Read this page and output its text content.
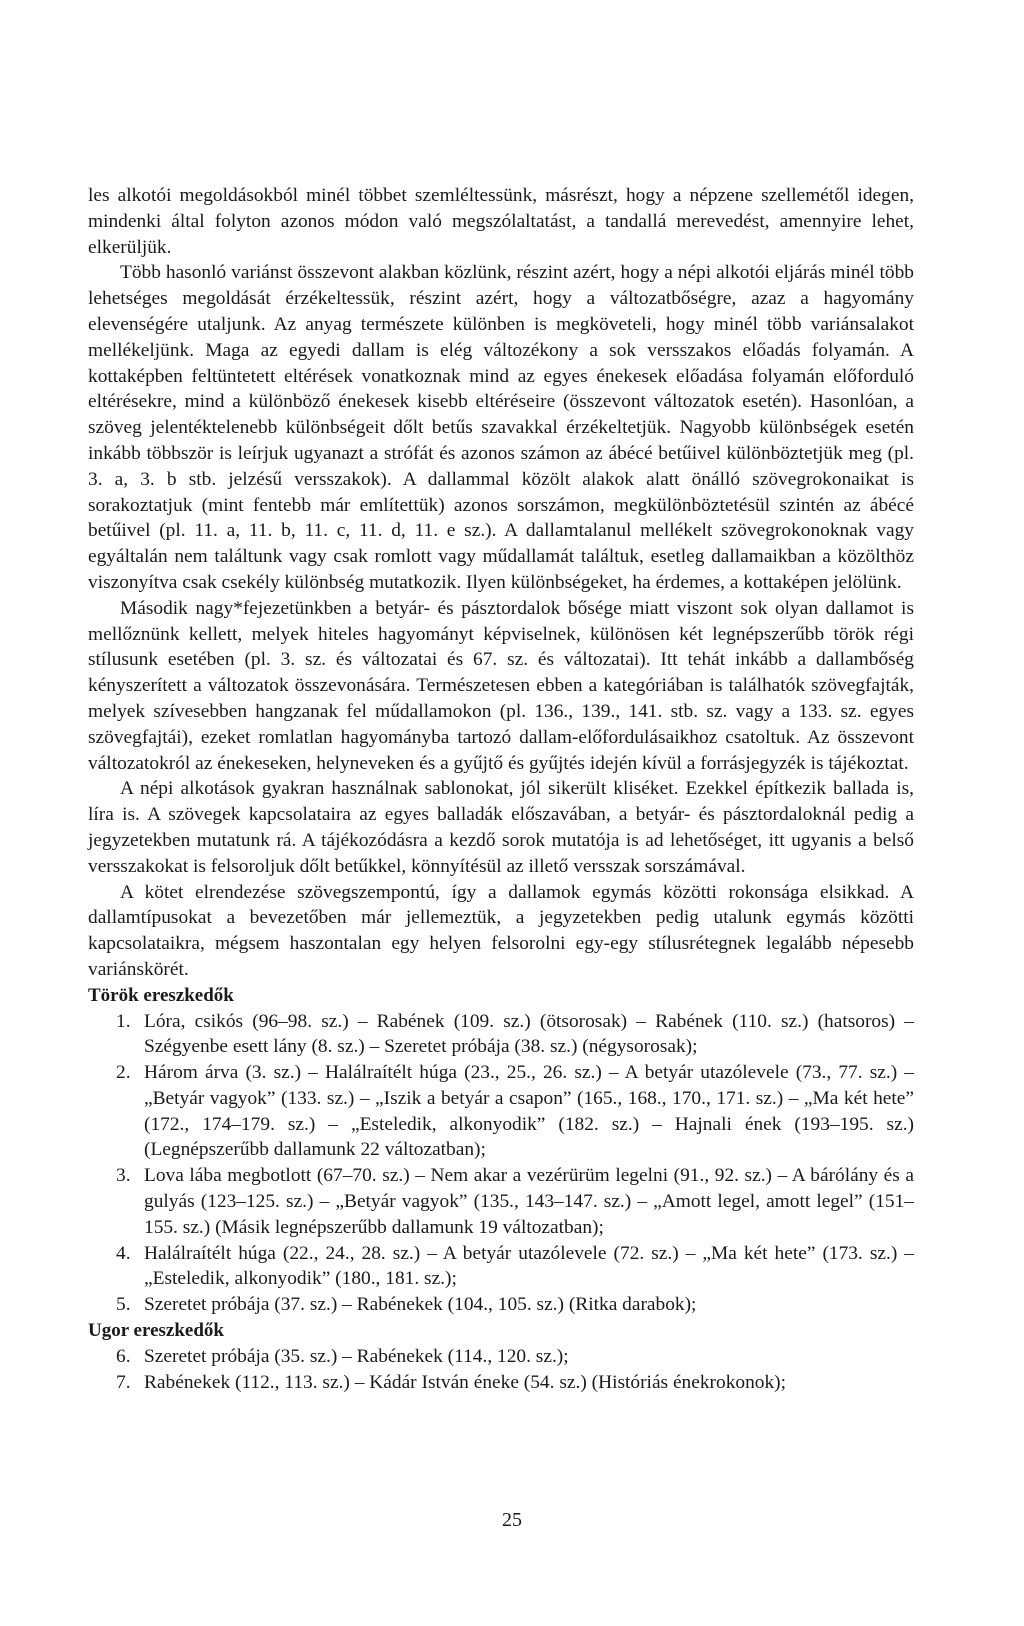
les alkotói megoldásokból minél többet szemléltessünk, másrészt, hogy a népzene szellemétől idegen, mindenki által folyton azonos módon való megszólaltatást, a tandallá merevedést, amennyire lehet, elkerüljük.

Több hasonló variánst összevont alakban közlünk, részint azért, hogy a népi alkotói eljárás minél több lehetséges megoldását érzékeltessük, részint azért, hogy a változatbőségre, azaz a hagyomány elevenségére utaljunk. Az anyag természete különben is megköveteli, hogy minél több variánsalakot mellékeljünk. Maga az egyedi dallam is elég változékony a sok versszakos előadás folyamán. A kottaképben feltüntetett eltérések vonatkoznak mind az egyes énekesek előadása folyamán előforduló eltérésekre, mind a különböző énekesek kisebb eltéréseire (összevont változatok esetén). Hasonlóan, a szöveg jelentéktelenebb különbségeit dőlt betűs szavakkal érzékeltetjük. Nagyobb különbségek esetén inkább többször is leírjuk ugyanazt a strófát és azonos számon az ábécé betűivel különböztetjük meg (pl. 3. a, 3. b stb. jelzésű versszakok). A dallammal közölt alakok alatt önálló szövegrokonaikat is sorakoztatjuk (mint fentebb már említettük) azonos sorszámon, megkülönböztetésül szintén az ábécé betűivel (pl. 11. a, 11. b, 11. c, 11. d, 11. e sz.). A dallamtalanul mellékelt szövegrokonoknak vagy egyáltalán nem találtunk vagy csak romlott vagy műdallamát találtuk, esetleg dallamaikban a közölthöz viszonyítva csak csekély különbség mutatkozik. Ilyen különbségeket, ha érdemes, a kottaképen jelölünk.

Második nagy*fejezetünkben a betyár- és pásztordalok bősége miatt viszont sok olyan dallamot is mellőznünk kellett, melyek hiteles hagyományt képviselnek, különösen két legnépszerűbb török régi stílusunk esetében (pl. 3. sz. és változatai és 67. sz. és változatai). Itt tehát inkább a dallambőség kényszerített a változatok összevonására. Természetesen ebben a kategóriában is találhatók szövegfajták, melyek szívesebben hangzanak fel műdallamokon (pl. 136., 139., 141. stb. sz. vagy a 133. sz. egyes szövegfajtái), ezeket romlatlan hagyományba tartozó dallam-előfordulásaikhoz csatoltuk. Az összevont változatokról az énekeseken, helyneveken és a gyűjtő és gyűjtés idején kívül a forrásjegyzék is tájékoztat.

A népi alkotások gyakran használnak sablonokat, jól sikerült kliséket. Ezekkel építkezik ballada is, líra is. A szövegek kapcsolataira az egyes balladák előszavában, a betyár- és pásztordaloknál pedig a jegyzetekben mutatunk rá. A tájékozódásra a kezdő sorok mutatója is ad lehetőséget, itt ugyanis a belső versszakokat is felsoroljuk dőlt betűkkel, könnyítésül az illető versszak sorszámával.

A kötet elrendezése szövegszempontú, így a dallamok egymás közötti rokonsága elsikkad. A dallamtípusokat a bevezetőben már jellemeztük, a jegyzetekben pedig utalunk egymás közötti kapcsolataikra, mégsem haszontalan egy helyen felsorolni egy-egy stílusrétegnek legalább népesebb variánskörét.

Török ereszkedők

1. Lóra, csikós (96–98. sz.) – Rabének (109. sz.) (ötsorosak) – Rabének (110. sz.) (hatsoros) – Szégyenbe esett lány (8. sz.) – Szeretet próbája (38. sz.) (négysorosak);
2. Három árva (3. sz.) – Halálraítélt húga (23., 25., 26. sz.) – A betyár utazólevele (73., 77. sz.) – „Betyár vagyok” (133. sz.) – „Iszik a betyár a csapon” (165., 168., 170., 171. sz.) – „Ma két hete” (172., 174–179. sz.) – „Esteledik, alkonyodik” (182. sz.) – Hajnali ének (193–195. sz.) (Legnépszerűbb dallamunk 22 változatban);
3. Lova lába megbotlott (67–70. sz.) – Nem akar a vezérürüm legelni (91., 92. sz.) – A bárólány és a gulyás (123–125. sz.) – „Betyár vagyok” (135., 143–147. sz.) – „Amott legel, amott legel” (151–155. sz.) (Másik legnépszerűbb dallamunk 19 változatban);
4. Halálraítélt húga (22., 24., 28. sz.) – A betyár utazólevele (72. sz.) – „Ma két hete” (173. sz.) – „Esteledik, alkonyodik” (180., 181. sz.);
5. Szeretet próbája (37. sz.) – Rabénekek (104., 105. sz.) (Ritka darabok);

Ugor ereszkedők

6. Szeretet próbája (35. sz.) – Rabénekek (114., 120. sz.);
7. Rabénekek (112., 113. sz.) – Kádár István éneke (54. sz.) (Históriás énekrokonok);
25
